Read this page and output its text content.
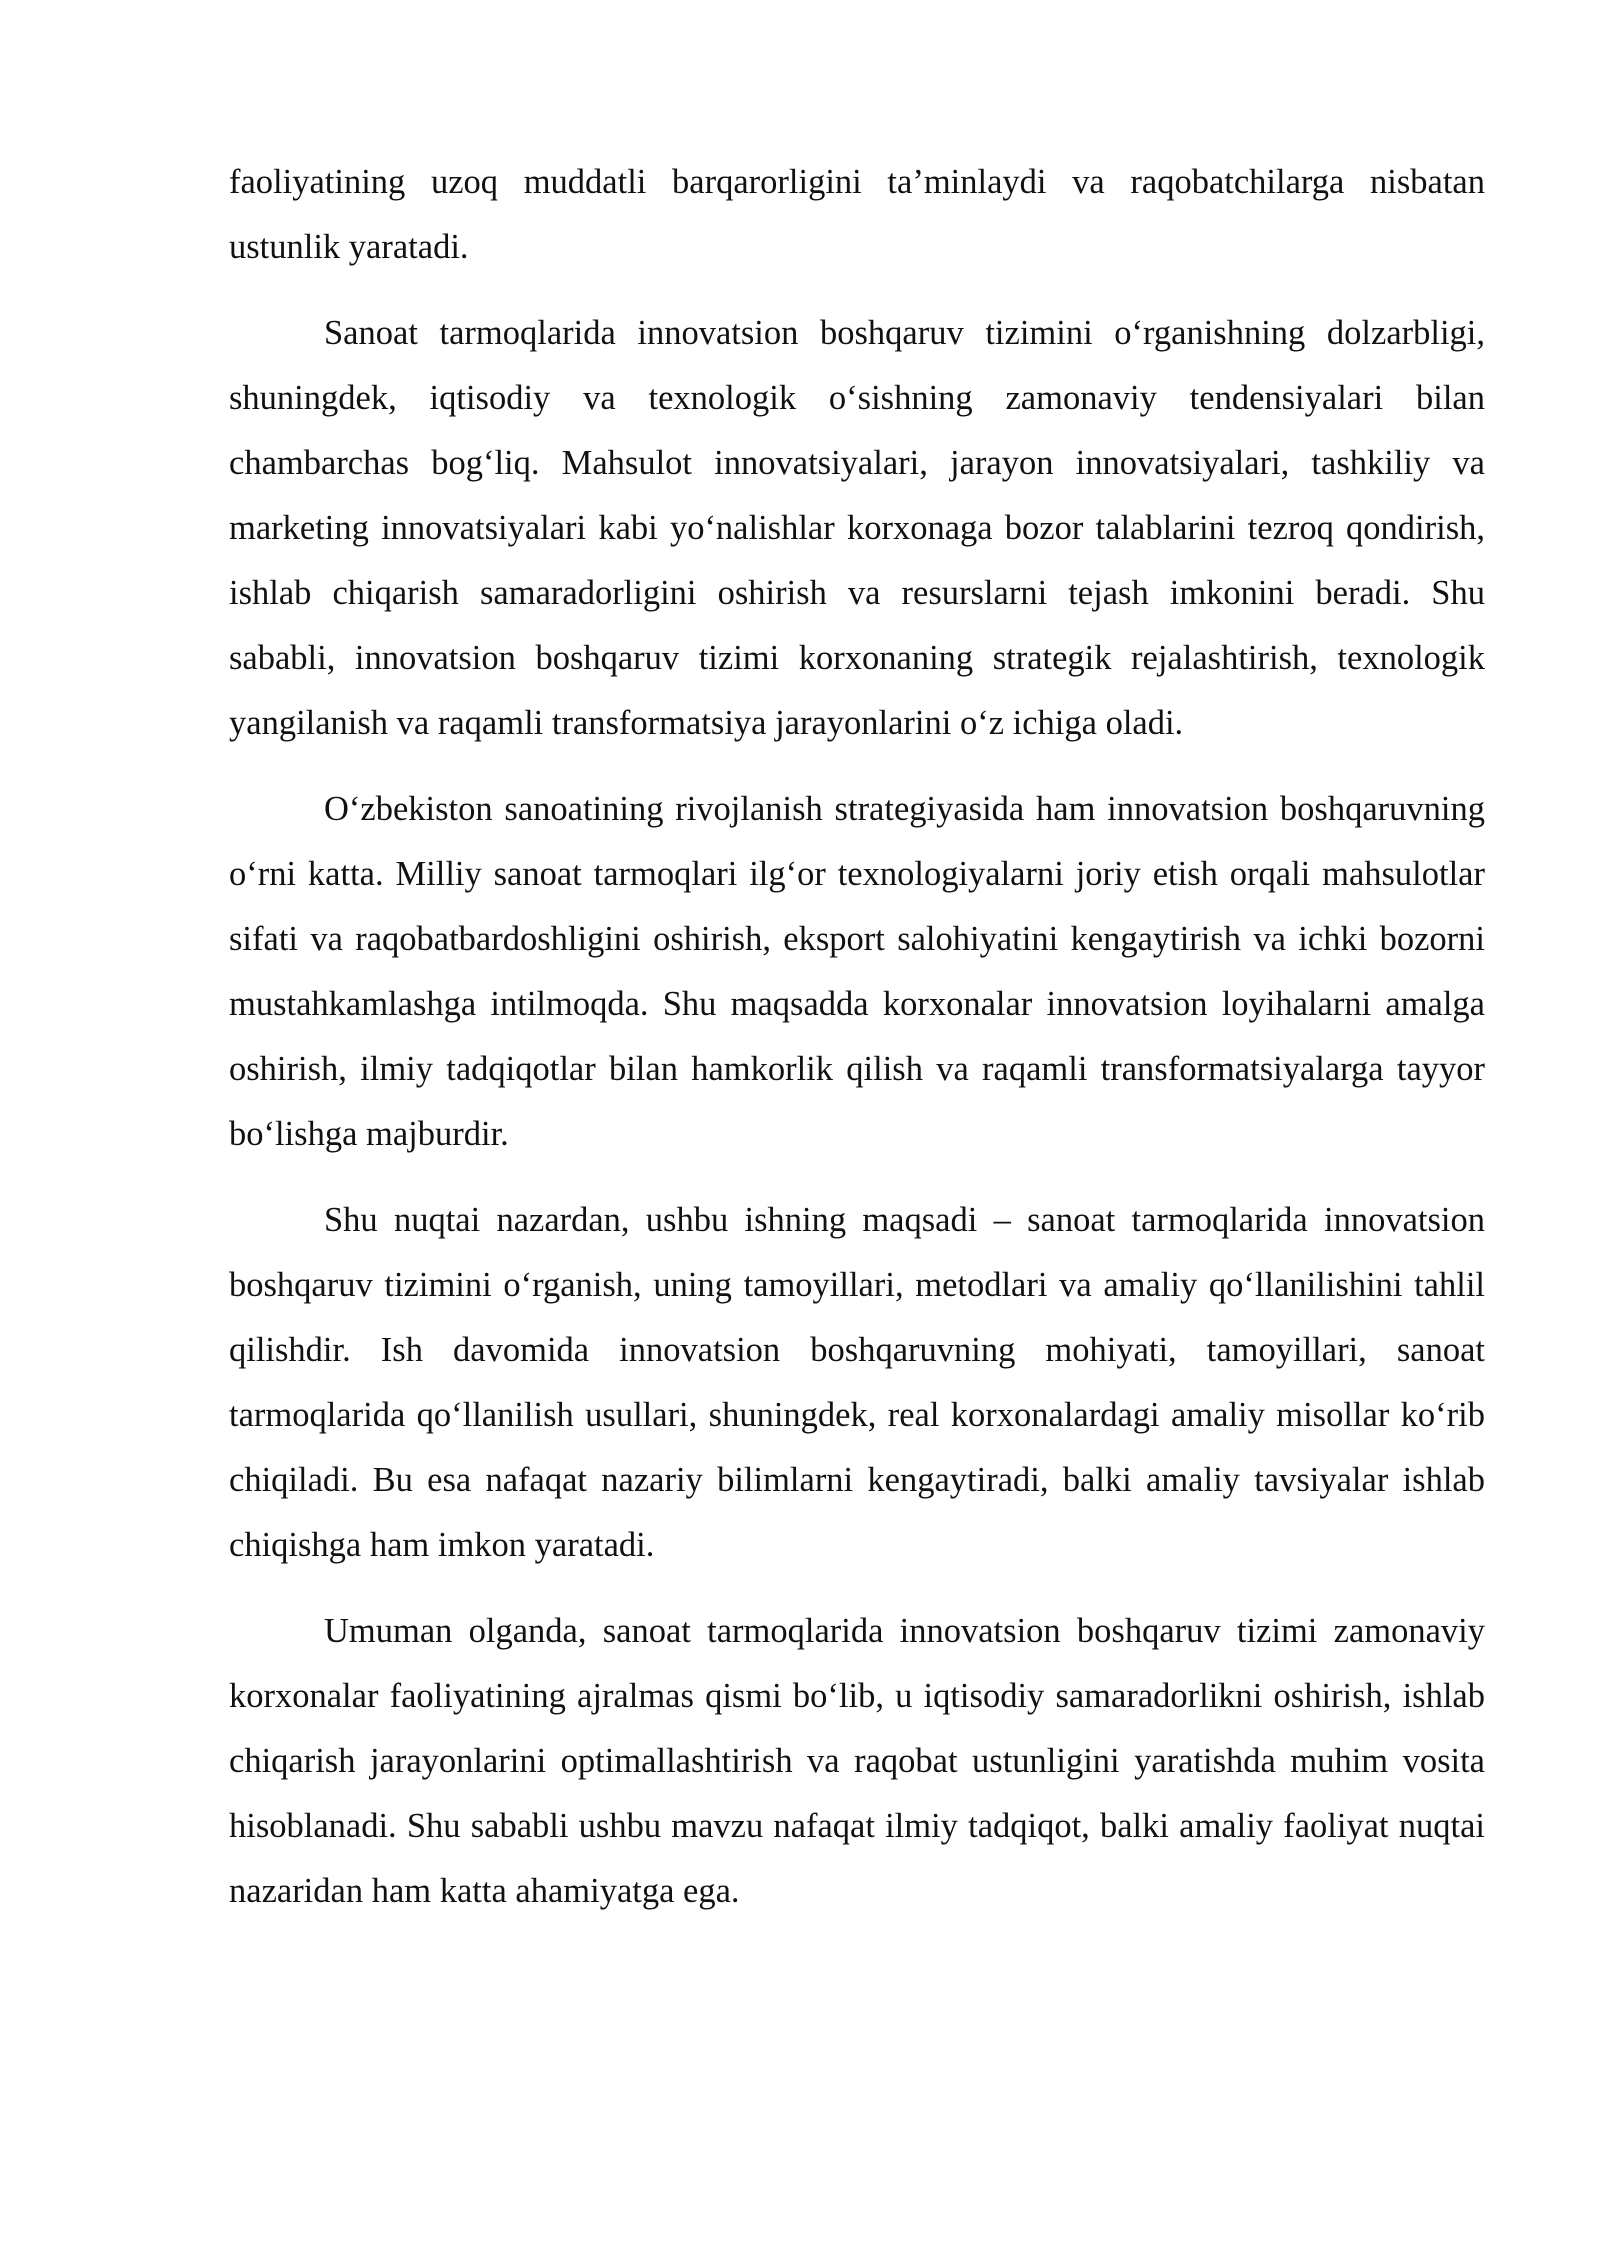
faoliyatining uzoq muddatli barqarorligini ta’minlaydi va raqobatchilarga nisbatan ustunlik yaratadi.

Sanoat tarmoqlarida innovatsion boshqaruv tizimini o‘rganishning dolzarbligi, shuningdek, iqtisodiy va texnologik o‘sishning zamonaviy tendensiyalari bilan chambarchas bog‘liq. Mahsulot innovatsiyalari, jarayon innovatsiyalari, tashkiliy va marketing innovatsiyalari kabi yo‘nalishlar korxonaga bozor talablarini tezroq qondirish, ishlab chiqarish samaradorligini oshirish va resurslarni tejash imkonini beradi. Shu sababli, innovatsion boshqaruv tizimi korxonaning strategik rejalashtirish, texnologik yangilanish va raqamli transformatsiya jarayonlarini o‘z ichiga oladi.

O‘zbekiston sanoatining rivojlanish strategiyasida ham innovatsion boshqaruvning o‘rni katta. Milliy sanoat tarmoqlari ilg‘or texnologiyalarni joriy etish orqali mahsulotlar sifati va raqobatbardoshligini oshirish, eksport salohiyatini kengaytirish va ichki bozorni mustahkamlashga intilmoqda. Shu maqsadda korxonalar innovatsion loyihalarni amalga oshirish, ilmiy tadqiqotlar bilan hamkorlik qilish va raqamli transformatsiyalarga tayyor bo‘lishga majburdir.

Shu nuqtai nazardan, ushbu ishning maqsadi – sanoat tarmoqlarida innovatsion boshqaruv tizimini o‘rganish, uning tamoyillari, metodlari va amaliy qo‘llanilishini tahlil qilishdir. Ish davomida innovatsion boshqaruvning mohiyati, tamoyillari, sanoat tarmoqlarida qo‘llanilish usullari, shuningdek, real korxonalardagi amaliy misollar ko‘rib chiqiladi. Bu esa nafaqat nazariy bilimlarni kengaytiradi, balki amaliy tavsiyalar ishlab chiqishga ham imkon yaratadi.

Umuman olganda, sanoat tarmoqlarida innovatsion boshqaruv tizimi zamonaviy korxonalar faoliyatining ajralmas qismi bo‘lib, u iqtisodiy samaradorlikni oshirish, ishlab chiqarish jarayonlarini optimallashtirish va raqobat ustunligini yaratishda muhim vosita hisoblanadi. Shu sababli ushbu mavzu nafaqat ilmiy tadqiqot, balki amaliy faoliyat nuqtai nazaridan ham katta ahamiyatga ega.
